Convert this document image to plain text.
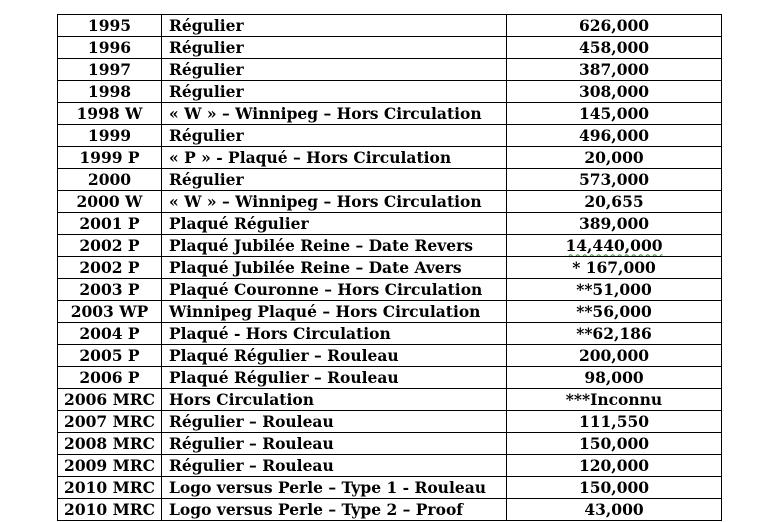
1995	Régulier	626,000
1996	Régulier	458,000
1997	Régulier	387,000
1998	Régulier	308,000
1998 W	« W » – Winnipeg – Hors Circulation	145,000
1999	Régulier	496,000
1999 P	« P » - Plaqué – Hors Circulation	20,000
2000	Régulier	573,000
2000 W	« W » – Winnipeg – Hors Circulation	20,655
2001 P	Plaqué Régulier	389,000
2002 P	Plaqué Jubilée Reine – Date Revers	14,440,000
2002 P	Plaqué Jubilée Reine – Date Avers	* 167,000
2003 P	Plaqué Couronne – Hors Circulation	**51,000
2003 WP	Winnipeg Plaqué – Hors Circulation	**56,000
2004 P	Plaqué - Hors Circulation	**62,186
2005 P	Plaqué Régulier – Rouleau	200,000
2006 P	Plaqué Régulier – Rouleau	98,000
2006 MRC	Hors Circulation	***Inconnu
2007 MRC	Régulier – Rouleau	111,550
2008 MRC	Régulier – Rouleau	150,000
2009 MRC	Régulier – Rouleau	120,000
2010 MRC	Logo versus Perle – Type 1 - Rouleau	150,000
2010 MRC	Logo versus Perle – Type 2 – Proof	43,000
